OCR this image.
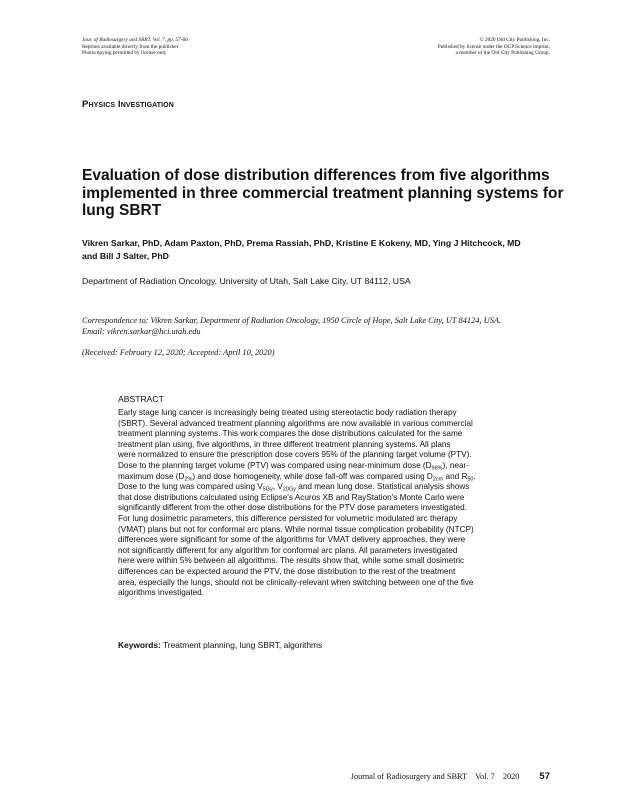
Jour. of Radiosurgery and SBRT, Vol. 7, pp. 57-66
Reprints available directly from the publisher
Photocopying permitted by license only
© 2020 Old City Publishing, Inc.
Published by license under the OCP Science imprint,
a member of the Old City Publishing Group.
Physics Investigation
Evaluation of dose distribution differences from five algorithms
implemented in three commercial treatment planning systems for
lung SBRT
Vikren Sarkar, PhD, Adam Paxton, PhD, Prema Rassiah, PhD, Kristine E Kokeny, MD, Ying J Hitchcock, MD
and Bill J Salter, PhD
Department of Radiation Oncology, University of Utah, Salt Lake City, UT 84112, USA
Correspondence to: Vikren Sarkar, Department of Radiation Oncology, 1950 Circle of Hope, Salt Lake City, UT 84124, USA.
Email: vikren.sarkar@hci.utah.edu
(Received: February 12, 2020; Accepted: April 10, 2020)
ABSTRACT
Early stage lung cancer is increasingly being treated using stereotactic body radiation therapy
(SBRT). Several advanced treatment planning algorithms are now available in various commercial
treatment planning systems. This work compares the dose distributions calculated for the same
treatment plan using, five algorithms, in three different treatment planning systems. All plans
were normalized to ensure the prescription dose covers 95% of the planning target volume (PTV).
Dose to the planning target volume (PTV) was compared using near-minimum dose $(D_{98\%})$, near-
maximum dose $(D_{2\%})$ and dose homogeneity, while dose fall-off was compared using $D_{2cm}$ and $R_{50}$.
Dose to the lung was compared using $V_{5Gy}$, $V_{20Gy}$ and mean lung dose. Statistical analysis shows
that dose distributions calculated using Eclipse's Acuros XB and RayStation's Monte Carlo were
significantly different from the other dose distributions for the PTV dose parameters investigated.
For lung dosimetric parameters, this difference persisted for volumetric modulated arc therapy
(VMAT) plans but not for conformal arc plans. While normal tissue complication probability (NTCP)
differences were significant for some of the algorithms for VMAT delivery approaches, they were
not significantly different for any algorithm for conformal arc plans. All parameters investigated
here were within 5% between all algorithms. The results show that, while some small dosimetric
differences can be expected around the PTV, the dose distribution to the rest of the treatment
area, especially the lungs, should not be clinically-relevant when switching between one of the five
algorithms investigated.
Keywords: Treatment planning, lung SBRT, algorithms
Journal of Radiosurgery and SBRT Vol. 7 2020 57
